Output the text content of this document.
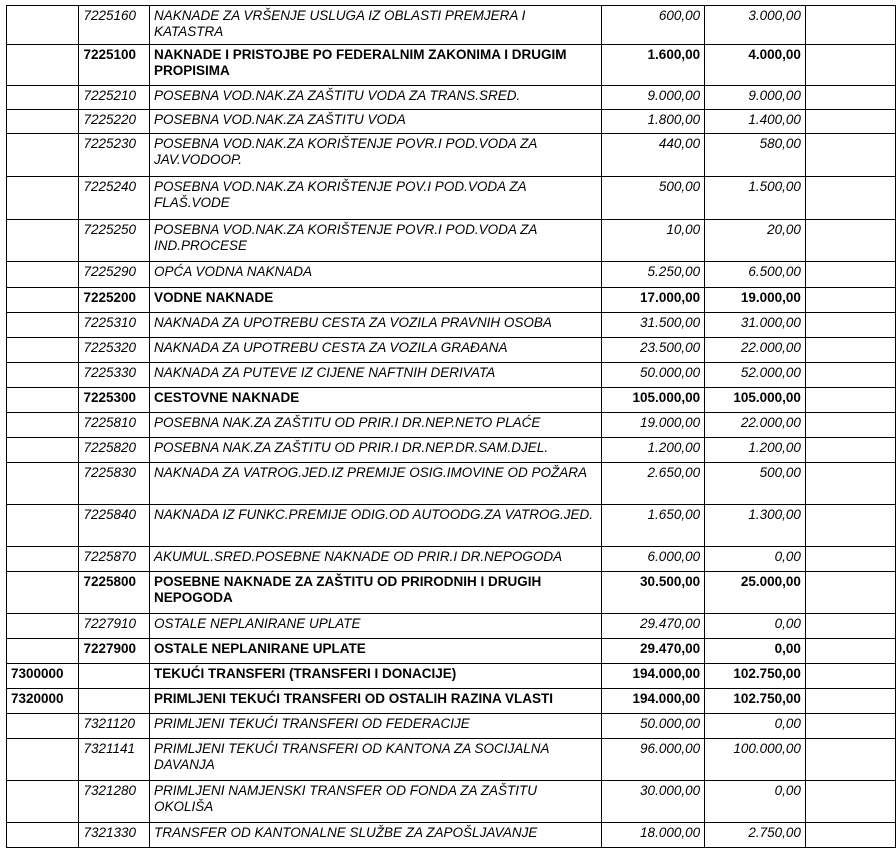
	7225160	NAKNADE ZA VRŠENJE USLUGA IZ OBLASTI PREMJERA I KATASTRA	600,00	3.000,00	
	7225100	NAKNADE I PRISTOJBE PO FEDERALNIM ZAKONIMA I DRUGIM PROPISIMA	1.600,00	4.000,00	
	7225210	POSEBNA VOD.NAK.ZA ZAŠTITU VODA ZA TRANS.SRED.	9.000,00	9.000,00	
	7225220	POSEBNA VOD.NAK.ZA ZAŠTITU VODA	1.800,00	1.400,00	
	7225230	POSEBNA VOD.NAK.ZA KORIŠTENJE POVR.I POD.VODA ZA JAV.VODOOP.	440,00	580,00	
	7225240	POSEBNA VOD.NAK.ZA KORIŠTENJE POV.I POD.VODA ZA FLAŠ.VODE	500,00	1.500,00	
	7225250	POSEBNA VOD.NAK.ZA KORIŠTENJE POVR.I POD.VODA ZA IND.PROCESE	10,00	20,00	
	7225290	OPĆA VODNA NAKNADA	5.250,00	6.500,00	
	7225200	VODNE NAKNADE	17.000,00	19.000,00	
	7225310	NAKNADA ZA UPOTREBU CESTA ZA VOZILA PRAVNIH OSOBA	31.500,00	31.000,00	
	7225320	NAKNADA ZA UPOTREBU CESTA ZA VOZILA GRAĐANA	23.500,00	22.000,00	
	7225330	NAKNADA ZA PUTEVE IZ CIJENE NAFTNIH DERIVATA	50.000,00	52.000,00	
	7225300	CESTOVNE NAKNADE	105.000,00	105.000,00	
	7225810	POSEBNA NAK.ZA ZAŠTITU OD PRIR.I DR.NEP.NETO PLAĆE	19.000,00	22.000,00	
	7225820	POSEBNA NAK.ZA ZAŠTITU OD PRIR.I DR.NEP.DR.SAM.DJEL.	1.200,00	1.200,00	
	7225830	NAKNADA ZA VATROG.JED.IZ PREMIJE OSIG.IMOVINE OD POŽARA	2.650,00	500,00	
	7225840	NAKNADA IZ FUNKC.PREMIJE ODIG.OD AUTOODG.ZA VATROG.JED.	1.650,00	1.300,00	
	7225870	AKUMUL.SRED.POSEBNE NAKNADE OD PRIR.I DR.NEPOGODA	6.000,00	0,00	
	7225800	POSEBNE NAKNADE ZA ZAŠTITU OD PRIRODNIH I DRUGIH NEPOGODA	30.500,00	25.000,00	
	7227910	OSTALE NEPLANIRANE UPLATE	29.470,00	0,00	
	7227900	OSTALE NEPLANIRANE UPLATE	29.470,00	0,00	
7300000		TEKUĆI TRANSFERI (TRANSFERI I DONACIJE)	194.000,00	102.750,00	
7320000		PRIMLJENI TEKUĆI TRANSFERI OD OSTALIH RAZINA VLASTI	194.000,00	102.750,00	
	7321120	PRIMLJENI TEKUĆI TRANSFERI OD FEDERACIJE	50.000,00	0,00	
	7321141	PRIMLJENI TEKUĆI TRANSFERI OD KANTONA ZA SOCIJALNA DAVANJA	96.000,00	100.000,00	
	7321280	PRIMLJENI NAMJENSKI TRANSFER OD FONDA ZA ZAŠTITU OKOLIŠA	30.000,00	0,00	
	7321330	TRANSFER OD KANTONALNE SLUŽBE ZA ZAPOŠLJAVANJE	18.000,00	2.750,00	
